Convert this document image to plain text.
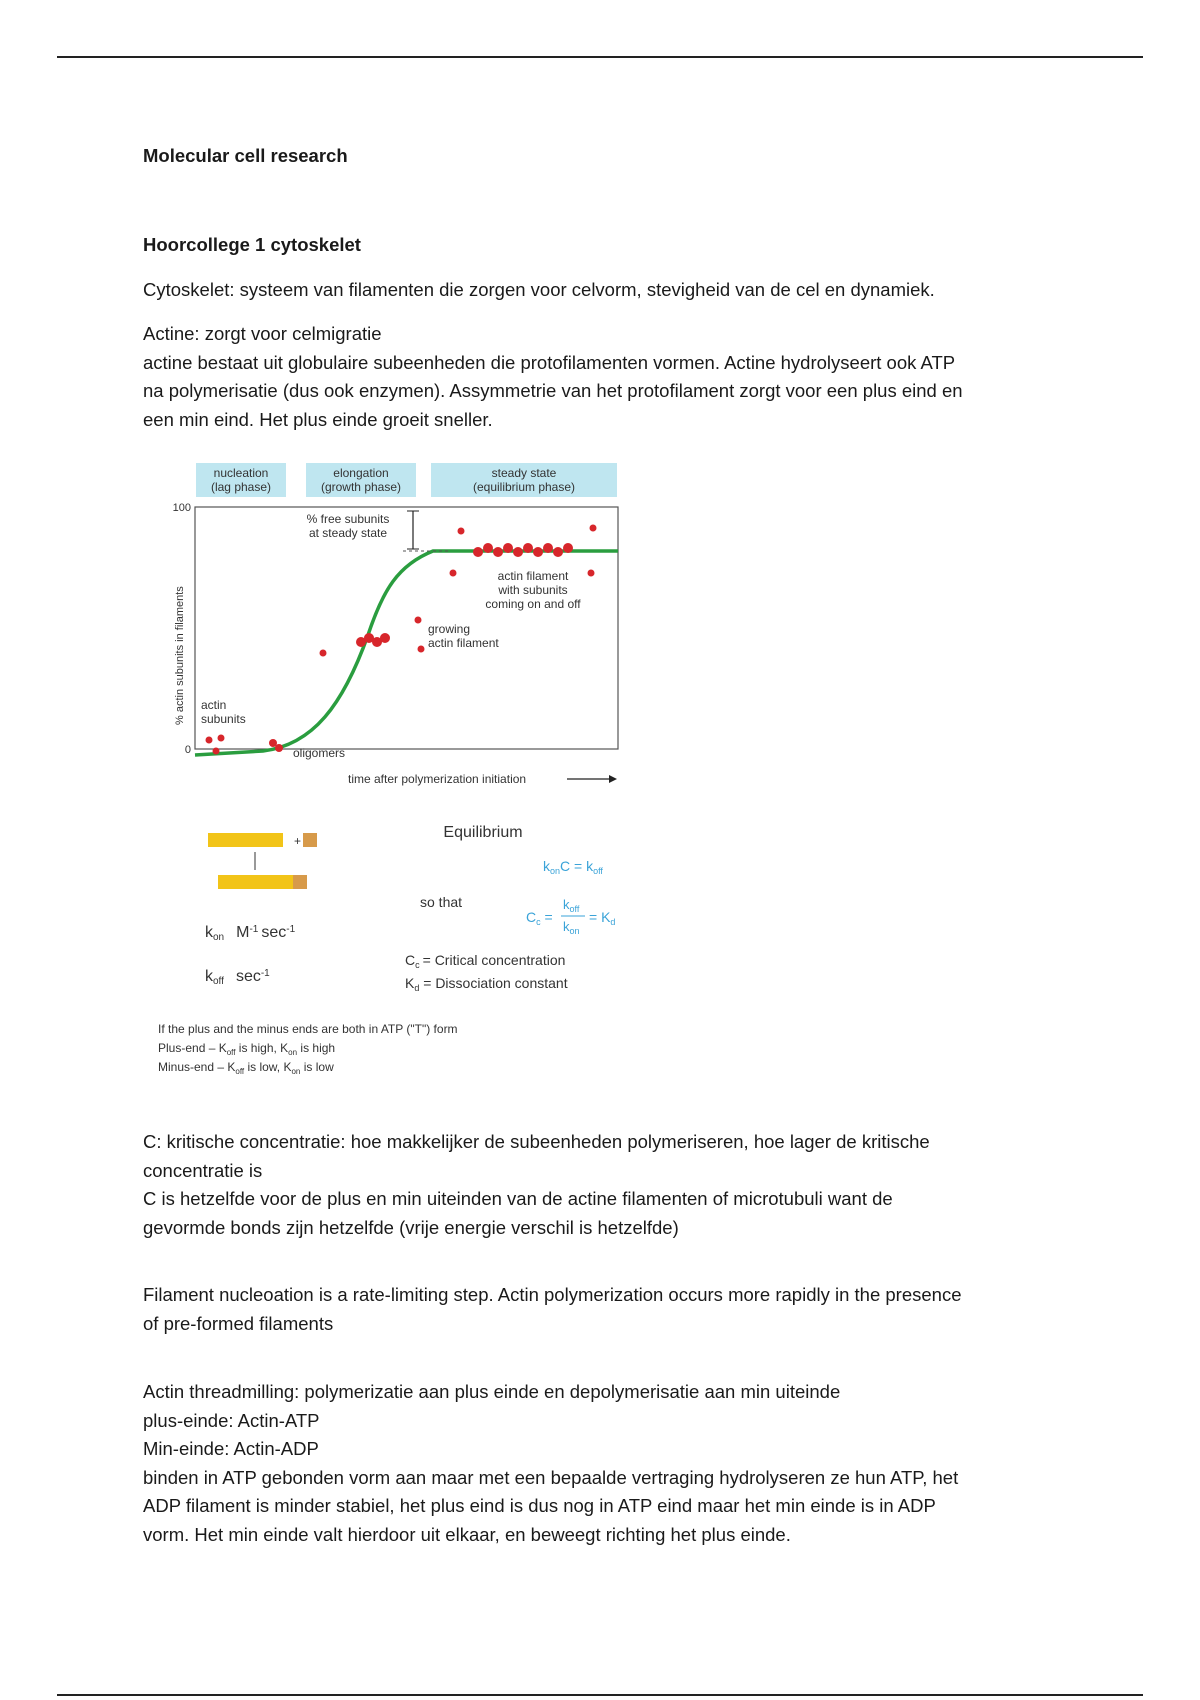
Molecular cell research
Hoorcollege 1 cytoskelet
Cytoskelet: systeem van filamenten die zorgen voor celvorm, stevigheid van de cel en dynamiek.
Actine: zorgt voor celmigratie
actine bestaat uit globulaire subeenheden die protofilamenten vormen. Actine hydrolyseert ook ATP
na polymerisatie (dus ook enzymen). Assymmetrie van het protofilament zorgt voor een plus eind en
een min eind. Het plus einde groeit sneller.
nucleation
(lag phase)
elongation
(growth phase)
steady state
(equilibrium phase)
100
0
% actin subunits in filaments
% free subunits
at steady state
actin filament
with subunits
coming on and off
growing
actin filament
actin
subunits
oligomers
time after polymerization initiation
+	Equilibrium
$k_{on}C = k_{off}$
so that
$C_c$ =
$k_{off}$
$k_{on}$
= $K_d$
kon $M^{-1}$ $\sec^{-1}$
koff $\sec^{-1}$
$C_c$ = Critical concentration
$K_d$ = Dissociation constant
If the plus and the minus ends are both in ATP ("T") form
Plus-end – $K_{off}$ is high, $K_{on}$ is high
Minus-end – $K_{off}$ is low, $K_{on}$ is low
C: kritische concentratie: hoe makkelijker de subeenheden polymeriseren, hoe lager de kritische
concentratie is
C is hetzelfde voor de plus en min uiteinden van de actine filamenten of microtubuli want de
gevormde bonds zijn hetzelfde (vrije energie verschil is hetzelfde)
Filament nucleoation is a rate-limiting step. Actin polymerization occurs more rapidly in the presence
of pre-formed filaments
Actin threadmilling: polymerizatie aan plus einde en depolymerisatie aan min uiteinde
plus-einde: Actin-ATP
Min-einde: Actin-ADP
binden in ATP gebonden vorm aan maar met een bepaalde vertraging hydrolyseren ze hun ATP, het
ADP filament is minder stabiel, het plus eind is dus nog in ATP eind maar het min einde is in ADP
vorm. Het min einde valt hierdoor uit elkaar, en beweegt richting het plus einde.
